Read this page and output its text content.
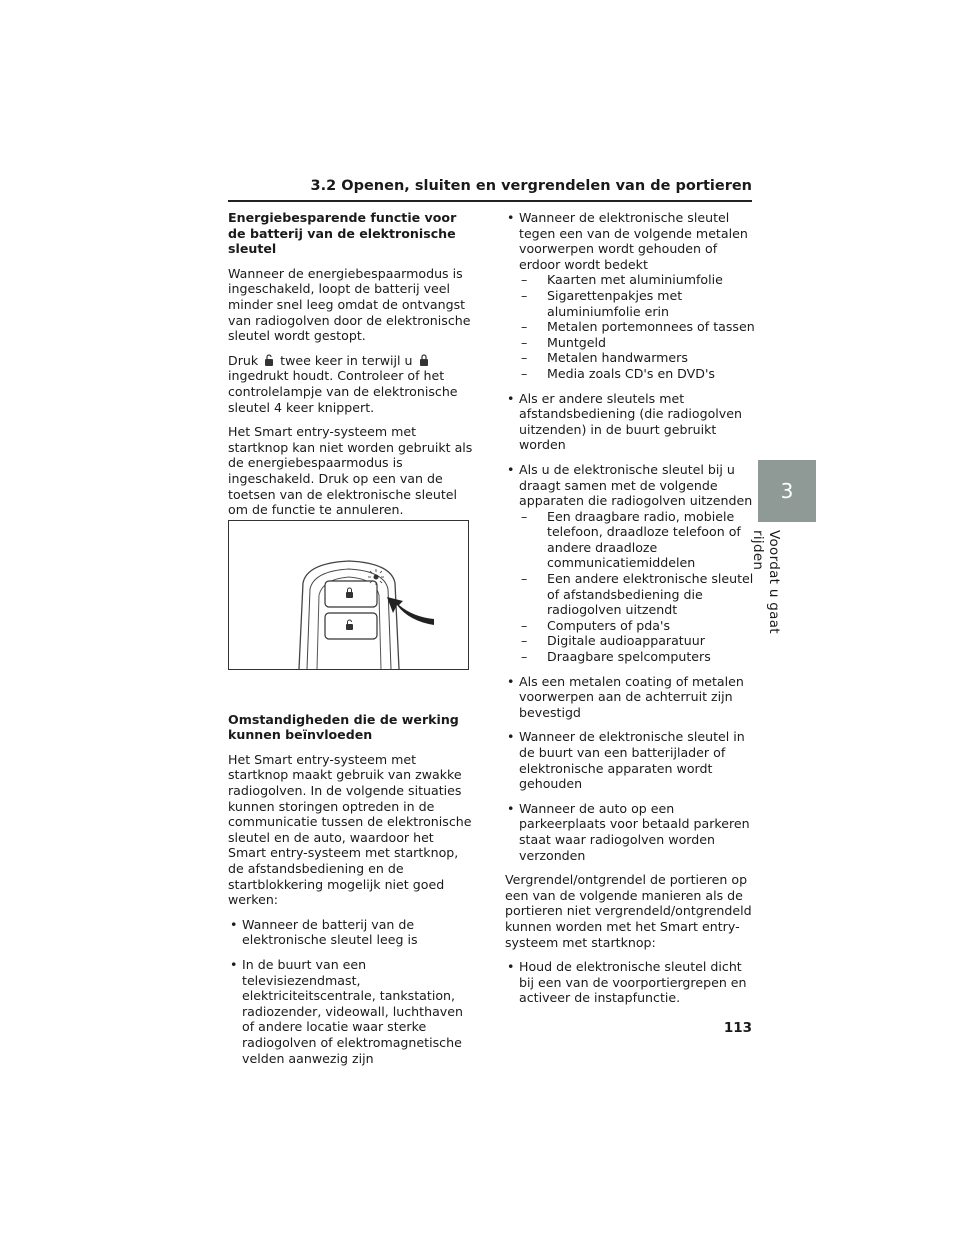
3.2 Openen, sluiten en vergrendelen van de portieren
Energiebesparende functie voor de batterij van de elektronische sleutel
Wanneer de energiebespaarmodus is ingeschakeld, loopt de batterij veel minder snel leeg omdat de ontvangst van radiogolven door de elektronische sleutel wordt gestopt.
Druk twee keer in terwijl uingedrukt houdt. Controleer of het controlelampje van de elektronische sleutel 4 keer knippert.
Het Smart entry-systeem met startknop kan niet worden gebruikt als de energiebespaarmodus is ingeschakeld. Druk op een van de toetsen van de elektronische sleutel om de functie te annuleren.
Omstandigheden die de werking kunnen beïnvloeden
Het Smart entry-systeem met startknop maakt gebruik van zwakke radiogolven. In de volgende situaties kunnen storingen optreden in de communicatie tussen de elektronische sleutel en de auto, waardoor het Smart entry-systeem met startknop, de afstandsbediening en de startblokkering mogelijk niet goed werken:
• Wanneer de batterij van de elektronische sleutel leeg is
• In de buurt van een televisiezendmast, elektriciteitscentrale, tankstation, radiozender, videowall, luchthaven of andere locatie waar sterke radiogolven of elektromagnetische velden aanwezig zijn
• Wanneer de elektronische sleutel tegen een van de volgende metalen voorwerpen wordt gehouden of erdoor wordt bedekt
– Kaarten met aluminiumfolie
– Sigarettenpakjes met aluminiumfolie erin
– Metalen portemonnees of tassen
– Muntgeld
– Metalen handwarmers
– Media zoals CD's en DVD's
• Als er andere sleutels met afstandsbediening (die radiogolven uitzenden) in de buurt gebruikt worden
• Als u de elektronische sleutel bij u draagt samen met de volgende apparaten die radiogolven uitzenden
– Een draagbare radio, mobiele telefoon, draadloze telefoon of andere draadloze communicatiemiddelen
– Een andere elektronische sleutel of afstandsbediening die radiogolven uitzendt
– Computers of pda's
– Digitale audioapparatuur
– Draagbare spelcomputers
• Als een metalen coating of metalen voorwerpen aan de achterruit zijn bevestigd
• Wanneer de elektronische sleutel in de buurt van een batterijlader of elektronische apparaten wordt gehouden
• Wanneer de auto op een parkeerplaats voor betaald parkeren staat waar radiogolven worden verzonden
Vergrendel/ontgrendel de portieren op een van de volgende manieren als de portieren niet vergrendeld/ontgrendeld kunnen worden met het Smart entry-systeem met startknop:
• Houd de elektronische sleutel dicht bij een van de voorportiergrepen en activeer de instapfunctie.
3
Voordat u gaat rijden
113
